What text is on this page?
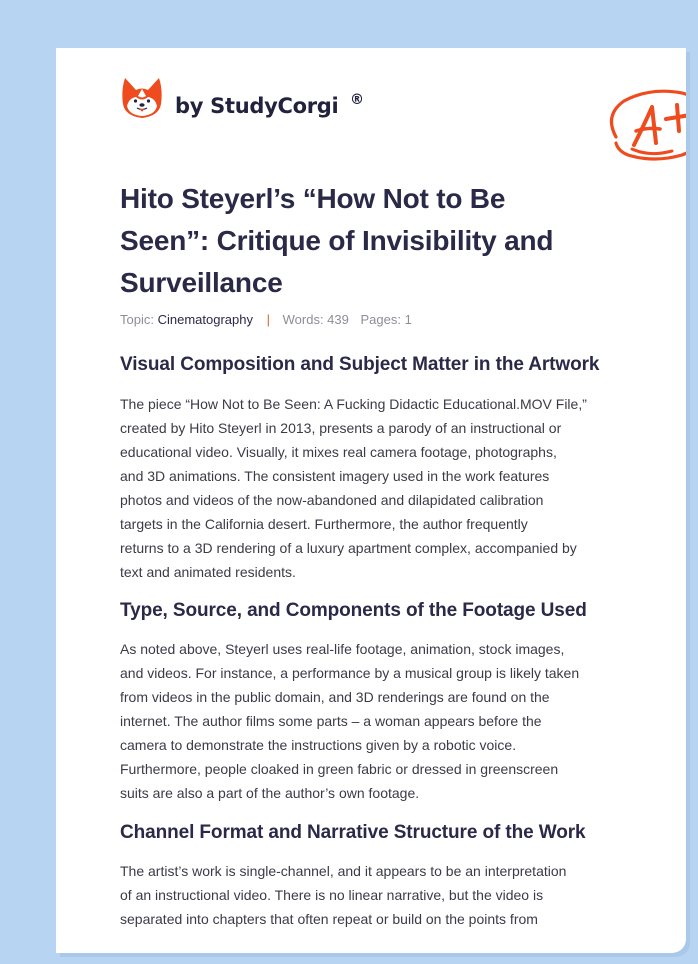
by StudyCorgi ®
Hito Steyerl’s “How Not to Be
Seen”: Critique of Invisibility and
Surveillance
Topic: Cinematography | Words: 439 Pages: 1
Visual Composition and Subject Matter in the Artwork

The piece “How Not to Be Seen: A Fucking Didactic Educational.MOV File,”
created by Hito Steyerl in 2013, presents a parody of an instructional or
educational video. Visually, it mixes real camera footage, photographs,
and 3D animations. The consistent imagery used in the work features
photos and videos of the now-abandoned and dilapidated calibration
targets in the California desert. Furthermore, the author frequently
returns to a 3D rendering of a luxury apartment complex, accompanied by
text and animated residents.

Type, Source, and Components of the Footage Used

As noted above, Steyerl uses real-life footage, animation, stock images,
and videos. For instance, a performance by a musical group is likely taken
from videos in the public domain, and 3D renderings are found on the
internet. The author films some parts – a woman appears before the
camera to demonstrate the instructions given by a robotic voice.
Furthermore, people cloaked in green fabric or dressed in greenscreen
suits are also a part of the author’s own footage.

Channel Format and Narrative Structure of the Work

The artist’s work is single-channel, and it appears to be an interpretation
of an instructional video. There is no linear narrative, but the video is
separated into chapters that often repeat or build on the points from
